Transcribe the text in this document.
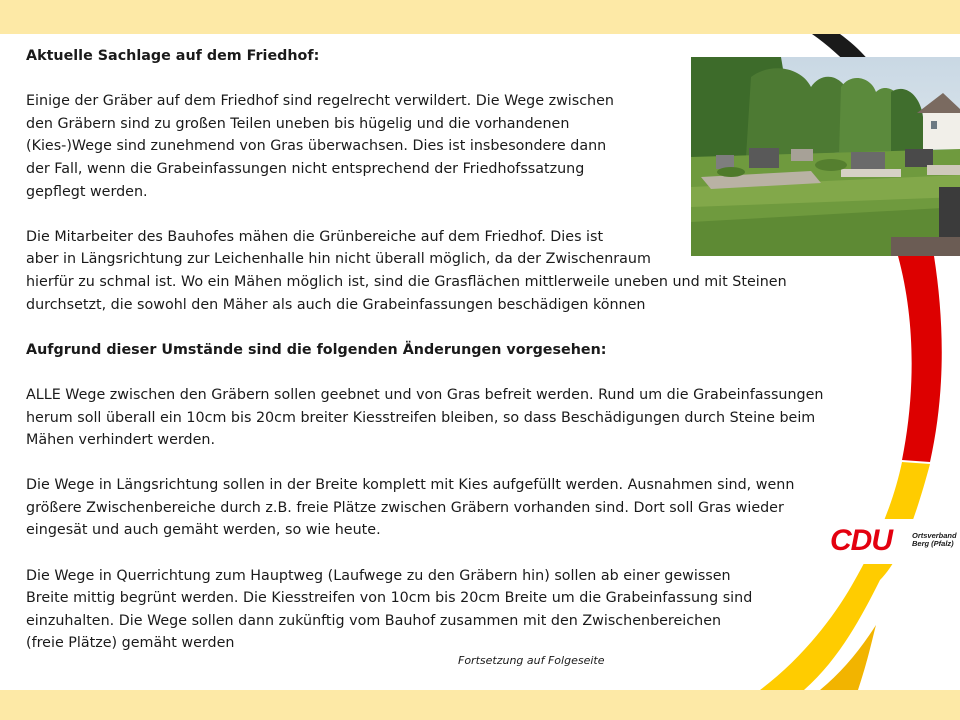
Aktuelle Sachlage auf dem Friedhof:
Einige der Gräber auf dem Friedhof sind regelrecht verwildert. Die Wege zwischen
den Gräbern sind zu großen Teilen uneben bis hügelig und die vorhandenen
(Kies-)Wege sind zunehmend von Gras überwachsen. Dies ist insbesondere dann
der Fall, wenn die Grabeinfassungen nicht entsprechend der Friedhofssatzung
gepflegt werden.
Die Mitarbeiter des Bauhofes mähen die Grünbereiche auf dem Friedhof. Dies ist
aber in Längsrichtung zur Leichenhalle hin nicht überall möglich, da der Zwischenraum
hierfür zu schmal ist. Wo ein Mähen möglich ist, sind die Grasflächen mittlerweile uneben und mit Steinen
durchsetzt, die sowohl den Mäher als auch die Grabeinfassungen beschädigen können
Aufgrund dieser Umstände sind die folgenden Änderungen vorgesehen:
ALLE Wege zwischen den Gräbern sollen geebnet und von Gras befreit werden. Rund um die Grabeinfassungen
herum soll überall ein 10cm bis 20cm breiter Kiesstreifen bleiben, so dass Beschädigungen durch Steine beim
Mähen verhindert werden.
Die Wege in Längsrichtung sollen in der Breite komplett mit Kies aufgefüllt werden. Ausnahmen sind, wenn
größere Zwischenbereiche durch z.B. freie Plätze zwischen Gräbern vorhanden sind. Dort soll Gras wieder
eingesät und auch gemäht werden, so wie heute.
Die Wege in Querrichtung zum Hauptweg (Laufwege zu den Gräbern hin) sollen ab einer gewissen
Breite mittig begrünt werden. Die Kiesstreifen von 10cm bis 20cm Breite um die Grabeinfassung sind
einzuhalten. Die Wege sollen dann zukünftig vom Bauhof zusammen mit den Zwischenbereichen
(freie Plätze) gemäht werden
Fortsetzung auf Folgeseite
CDU	Ortsverband
Berg (Pfalz)
